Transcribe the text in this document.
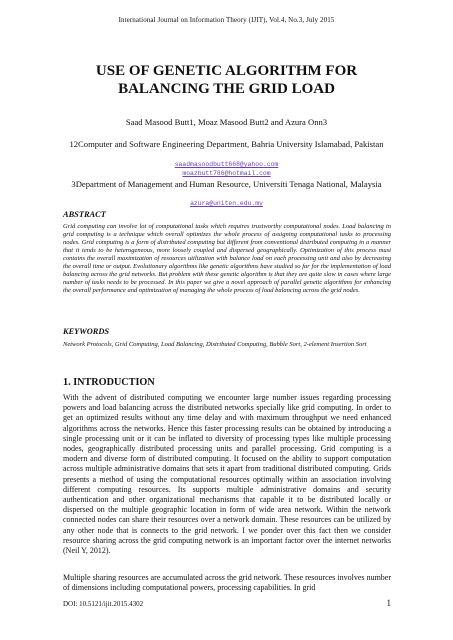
International Journal on Information Theory (IJIT), Vol.4, No.3, July 2015
USE OF GENETIC ALGORITHM FOR
BALANCING THE GRID LOAD
Saad Masood Butt1, Moaz Masood Butt2 and Azura Onn3
12Computer and Software Engineering Department, Bahria University Islamabad, Pakistan
saadmasoodbutt668@yahoo.com
moazbutt786@hotmail.com
3Department of Management and Human Resource, Universiti Tenaga National, Malaysia
azura@uniten.edu.my
ABSTRACT

Grid computing can involve lot of computational tasks which requires trustworthy computational nodes. Load balancing in grid computing is a technique which overall optimizes the whole process of assigning computational tasks to processing nodes. Grid computing is a form of distributed computing but different from conventional distributed computing in a manner that it tends to be heterogeneous, more loosely coupled and dispersed geographically. Optimization of this process must contains the overall maximization of resources utilization with balance load on each processing unit and also by decreasing the overall time or output. Evolutionary algorithms like genetic algorithms have studied so far for the implementation of load balancing across the grid networks. But problem with these genetic algorithm is that they are quite slow in cases where large number of tasks needs to be processed. In this paper we give a novel approach of parallel genetic algorithms for enhancing the overall performance and optimization of managing the whole process of load balancing across the grid nodes.

KEYWORDS

Network Protocols, Grid Computing, Load Balancing, Distributed Computing, Bubble Sort, 2-element Insertion Sort

1. INTRODUCTION

With the advent of distributed computing we encounter large number issues regarding processing powers and load balancing across the distributed networks specially like grid computing. In order to get an optimized results without any time delay and with maximum throughput we need enhanced algorithms across the networks. Hence this faster processing results can be obtained by introducing a single processing unit or it can be inflated to diversity of processing types like multiple processing nodes, geographically distributed processing units and parallel processing. Grid computing is a modern and diverse form of distributed computing. It focused on the ability to support computation across multiple administrative domains that sets it apart from traditional distributed computing. Grids presents a method of using the computational resources optimally within an association involving different computing resources. Its supports multiple administrative domains and security authentication and other organizational mechanisms that capable it to be distributed locally or dispersed on the multiple geographic location in form of wide area network. Within the network connected nodes can share their resources over a network domain. These resources can be utilized by any other node that is connects to the grid network. I we ponder over this fact then we consider resource sharing across the grid computing network is an important factor over the internet networks (Neil Y, 2012).

Multiple sharing resources are accumulated across the grid network. These resources involves number of dimensions including computational powers, processing capabilities. In grid

DOI: 10.5121/ijit.2015.4302	1
